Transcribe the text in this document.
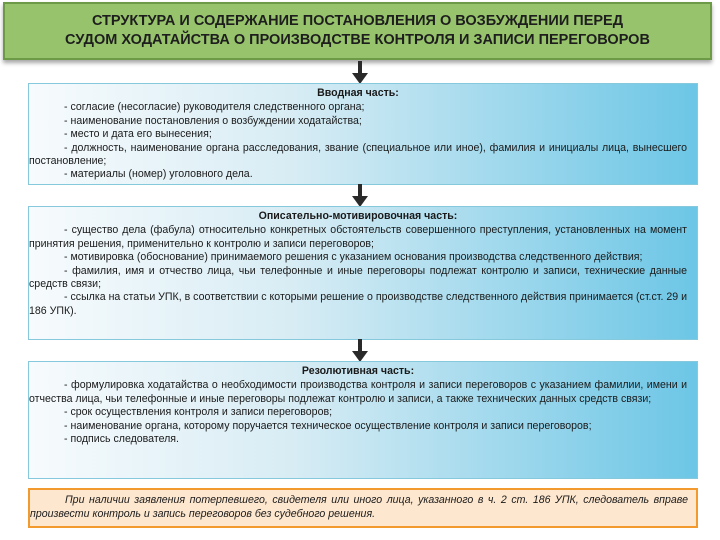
СТРУКТУРА И СОДЕРЖАНИЕ ПОСТАНОВЛЕНИЯ О ВОЗБУЖДЕНИИ ПЕРЕД
СУДОМ ХОДАТАЙСТВА О ПРОИЗВОДСТВЕ КОНТРОЛЯ И ЗАПИСИ ПЕРЕГОВОРОВ

Вводная часть:

- согласие (несогласие) руководителя следственного органа;

- наименование постановления о возбуждении ходатайства;

- место и дата его вынесения;

- должность, наименование органа расследования, звание (специальное или иное), фамилия и инициалы лица, вынесшего постановление;

- материалы (номер) уголовного дела.

Описательно-мотивировочная часть:

- существо дела (фабула) относительно конкретных обстоятельств совершенного преступления, установленных на момент принятия решения, применительно к контролю и записи переговоров;

- мотивировка (обоснование) принимаемого решения с указанием основания производства следственного действия;

- фамилия, имя и отчество лица, чьи телефонные и иные переговоры подлежат контролю и записи, технические данные средств связи;

- ссылка на статьи УПК, в соответствии с которыми решение о производстве следственного действия принимается (ст.ст. 29 и 186 УПК).

Резолютивная часть:

- формулировка ходатайства о необходимости производства контроля и записи переговоров с указанием фамилии, имени и отчества лица, чьи телефонные и иные переговоры подлежат контролю и записи, а также технических данных средств связи;

- срок осуществления контроля и записи переговоров;

- наименование органа, которому поручается техническое осуществление контроля и записи переговоров;

- подпись следователя.

При наличии заявления потерпевшего, свидетеля или иного лица, указанного в ч. 2 ст. 186 УПК, следователь вправе произвести контроль и запись переговоров без судебного решения.
